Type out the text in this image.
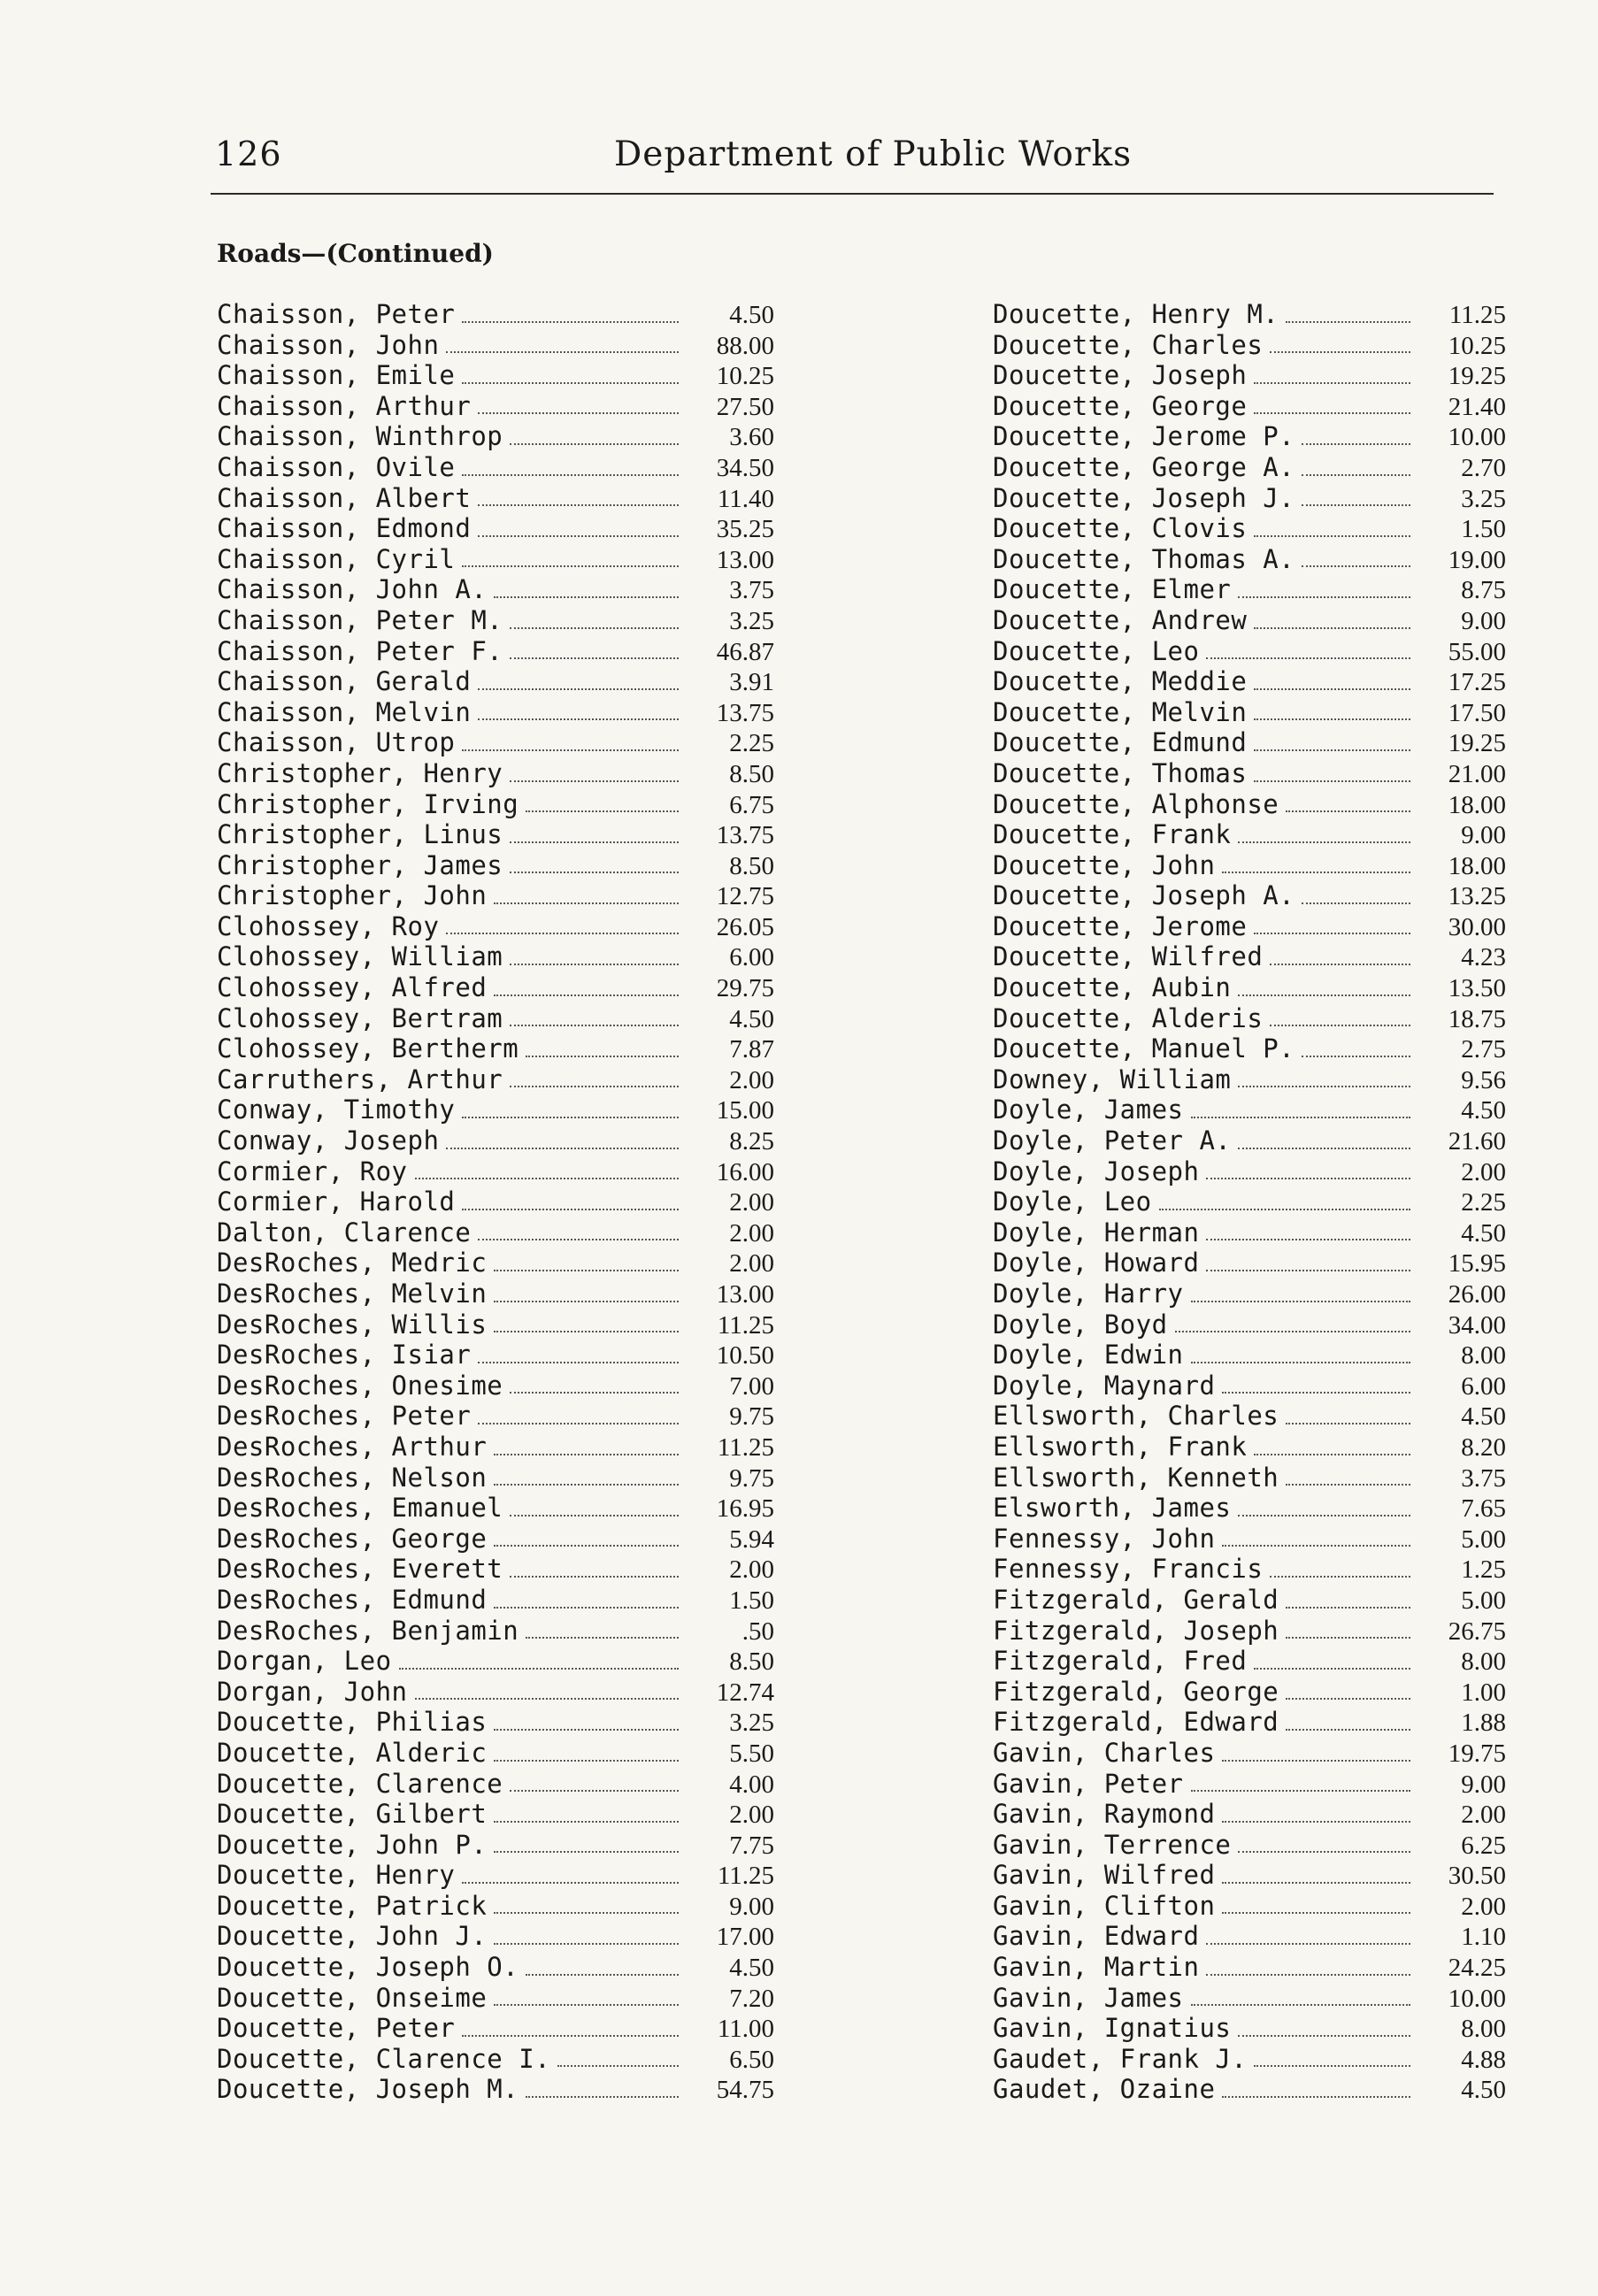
126	Department of Public Works
Roads—(Continued)
Chaisson, Peter	4.50
Chaisson, John	88.00
Chaisson, Emile	10.25
Chaisson, Arthur	27.50
Chaisson, Winthrop	3.60
Chaisson, Ovile	34.50
Chaisson, Albert	11.40
Chaisson, Edmond	35.25
Chaisson, Cyril	13.00
Chaisson, John A.	3.75
Chaisson, Peter M.	3.25
Chaisson, Peter F.	46.87
Chaisson, Gerald	3.91
Chaisson, Melvin	13.75
Chaisson, Utrop	2.25
Christopher, Henry	8.50
Christopher, Irving	6.75
Christopher, Linus	13.75
Christopher, James	8.50
Christopher, John	12.75
Clohossey, Roy	26.05
Clohossey, William	6.00
Clohossey, Alfred	29.75
Clohossey, Bertram	4.50
Clohossey, Bertherm	7.87
Carruthers, Arthur	2.00
Conway, Timothy	15.00
Conway, Joseph	8.25
Cormier, Roy	16.00
Cormier, Harold	2.00
Dalton, Clarence	2.00
DesRoches, Medric	2.00
DesRoches, Melvin	13.00
DesRoches, Willis	11.25
DesRoches, Isiar	10.50
DesRoches, Onesime	7.00
DesRoches, Peter	9.75
DesRoches, Arthur	11.25
DesRoches, Nelson	9.75
DesRoches, Emanuel	16.95
DesRoches, George	5.94
DesRoches, Everett	2.00
DesRoches, Edmund	1.50
DesRoches, Benjamin	.50
Dorgan, Leo	8.50
Dorgan, John	12.74
Doucette, Philias	3.25
Doucette, Alderic	5.50
Doucette, Clarence	4.00
Doucette, Gilbert	2.00
Doucette, John P.	7.75
Doucette, Henry	11.25
Doucette, Patrick	9.00
Doucette, John J.	17.00
Doucette, Joseph O.	4.50
Doucette, Onseime	7.20
Doucette, Peter	11.00
Doucette, Clarence I.	6.50
Doucette, Joseph M.	54.75
Doucette, Henry M.	11.25
Doucette, Charles	10.25
Doucette, Joseph	19.25
Doucette, George	21.40
Doucette, Jerome P.	10.00
Doucette, George A.	2.70
Doucette, Joseph J.	3.25
Doucette, Clovis	1.50
Doucette, Thomas A.	19.00
Doucette, Elmer	8.75
Doucette, Andrew	9.00
Doucette, Leo	55.00
Doucette, Meddie	17.25
Doucette, Melvin	17.50
Doucette, Edmund	19.25
Doucette, Thomas	21.00
Doucette, Alphonse	18.00
Doucette, Frank	9.00
Doucette, John	18.00
Doucette, Joseph A.	13.25
Doucette, Jerome	30.00
Doucette, Wilfred	4.23
Doucette, Aubin	13.50
Doucette, Alderis	18.75
Doucette, Manuel P.	2.75
Downey, William	9.56
Doyle, James	4.50
Doyle, Peter A.	21.60
Doyle, Joseph	2.00
Doyle, Leo	2.25
Doyle, Herman	4.50
Doyle, Howard	15.95
Doyle, Harry	26.00
Doyle, Boyd	34.00
Doyle, Edwin	8.00
Doyle, Maynard	6.00
Ellsworth, Charles	4.50
Ellsworth, Frank	8.20
Ellsworth, Kenneth	3.75
Elsworth, James	7.65
Fennessy, John	5.00
Fennessy, Francis	1.25
Fitzgerald, Gerald	5.00
Fitzgerald, Joseph	26.75
Fitzgerald, Fred	8.00
Fitzgerald, George	1.00
Fitzgerald, Edward	1.88
Gavin, Charles	19.75
Gavin, Peter	9.00
Gavin, Raymond	2.00
Gavin, Terrence	6.25
Gavin, Wilfred	30.50
Gavin, Clifton	2.00
Gavin, Edward	1.10
Gavin, Martin	24.25
Gavin, James	10.00
Gavin, Ignatius	8.00
Gaudet, Frank J.	4.88
Gaudet, Ozaine	4.50
